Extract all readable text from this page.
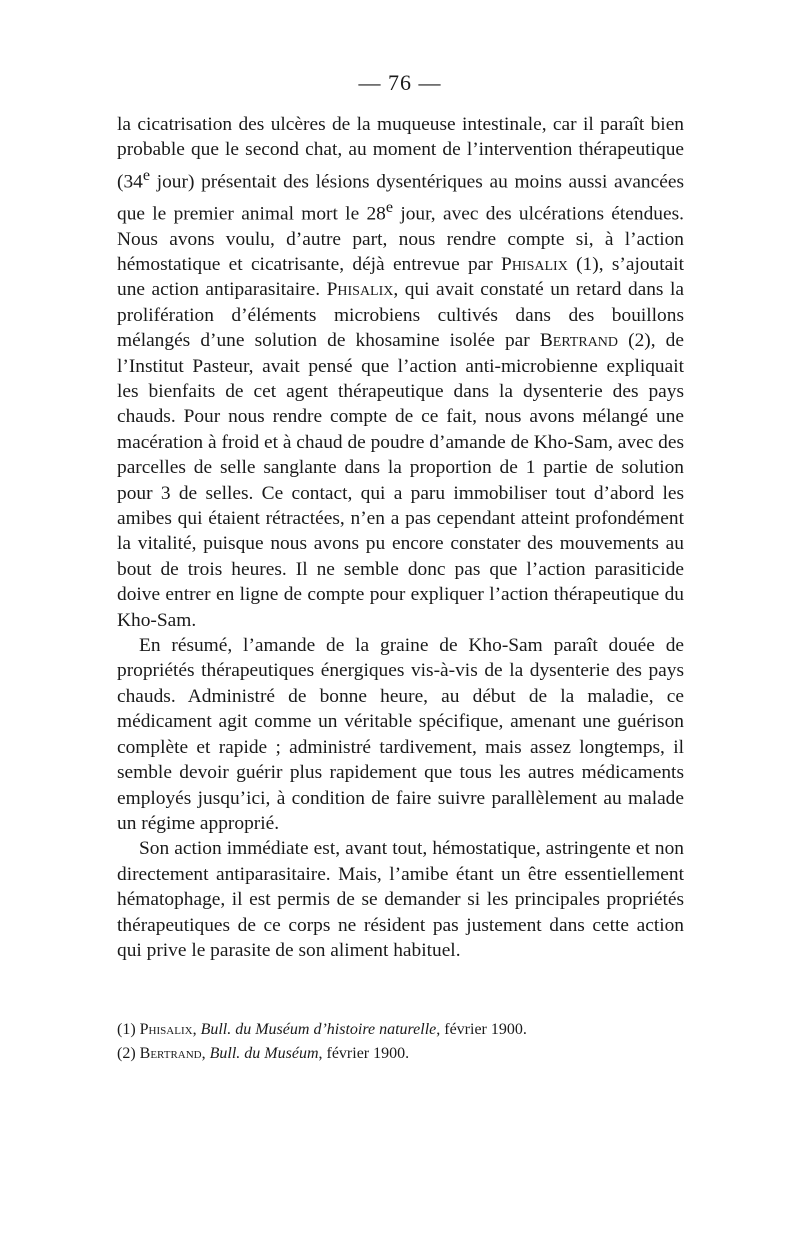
— 76 —

la cicatrisation des ulcères de la muqueuse intestinale, car il paraît bien probable que le second chat, au moment de l’intervention thérapeutique (34e jour) présentait des lésions dysentériques au moins aussi avancées que le premier animal mort le 28e jour, avec des ulcérations étendues. Nous avons voulu, d’autre part, nous rendre compte si, à l’action hémostatique et cicatrisante, déjà entrevue par Phisalix (1), s’ajoutait une action antiparasitaire. Phisalix, qui avait constaté un retard dans la prolifération d’éléments microbiens cultivés dans des bouillons mélangés d’une solution de khosamine isolée par Bertrand (2), de l’Institut Pasteur, avait pensé que l’action anti-microbienne expliquait les bienfaits de cet agent thérapeutique dans la dysenterie des pays chauds. Pour nous rendre compte de ce fait, nous avons mélangé une macération à froid et à chaud de poudre d’amande de Kho-Sam, avec des parcelles de selle sanglante dans la proportion de 1 partie de solution pour 3 de selles. Ce contact, qui a paru immobiliser tout d’abord les amibes qui étaient rétractées, n’en a pas cependant atteint profondément la vitalité, puisque nous avons pu encore constater des mouvements au bout de trois heures. Il ne semble donc pas que l’action parasiticide doive entrer en ligne de compte pour expliquer l’action thérapeutique du Kho-Sam.

En résumé, l’amande de la graine de Kho-Sam paraît douée de propriétés thérapeutiques énergiques vis-à-vis de la dysenterie des pays chauds. Administré de bonne heure, au début de la maladie, ce médicament agit comme un véritable spécifique, amenant une guérison complète et rapide ; administré tardivement, mais assez longtemps, il semble devoir guérir plus rapidement que tous les autres médicaments employés jusqu’ici, à condition de faire suivre parallèlement au malade un régime approprié.

Son action immédiate est, avant tout, hémostatique, astringente et non directement antiparasitaire. Mais, l’amibe étant un être essentiellement hématophage, il est permis de se demander si les principales propriétés thérapeutiques de ce corps ne résident pas justement dans cette action qui prive le parasite de son aliment habituel.

(1) Phisalix, Bull. du Muséum d’histoire naturelle, février 1900.

(2) Bertrand, Bull. du Muséum, février 1900.
